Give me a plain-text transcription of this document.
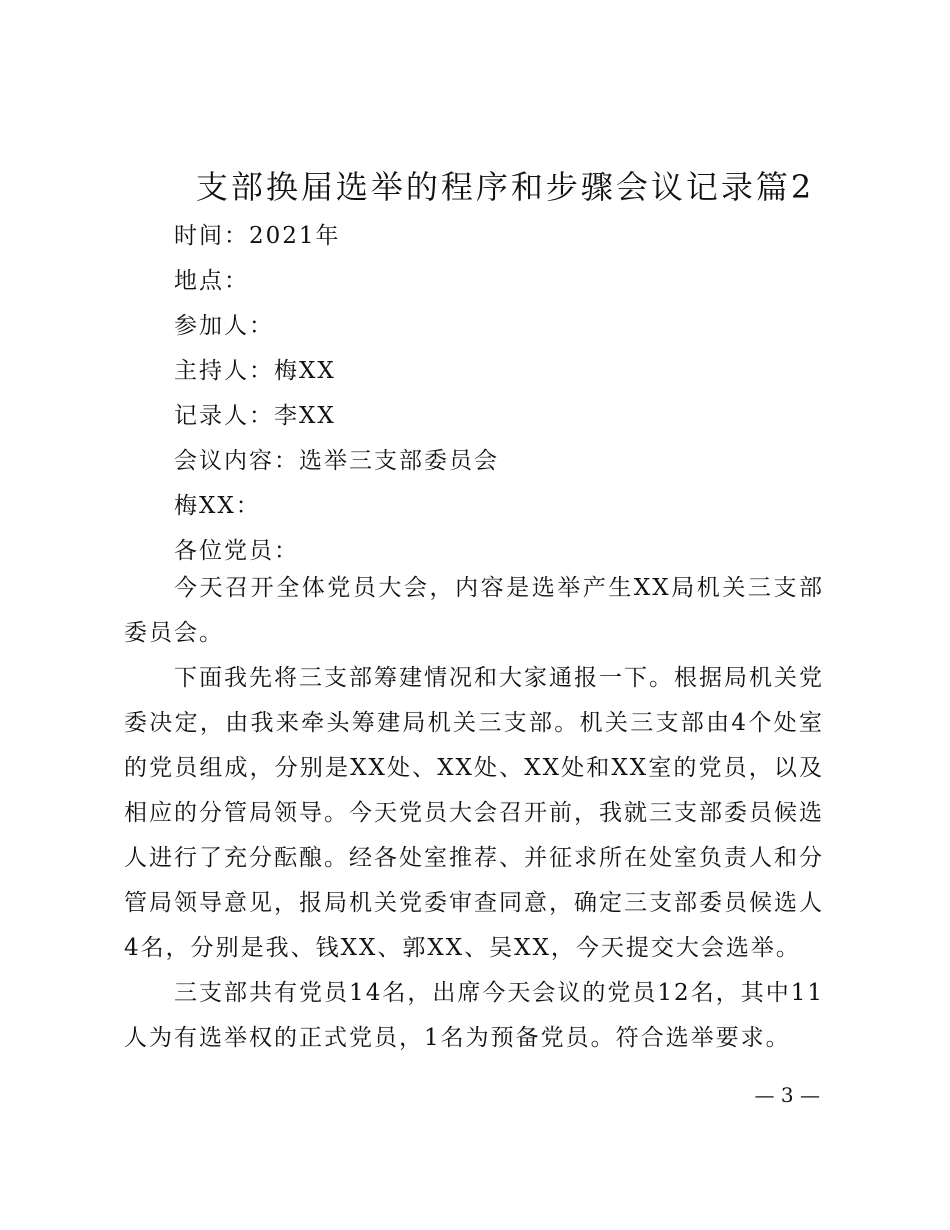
支部换届选举的程序和步骤会议记录篇2
时间：2021年
地点：
参加人：
主持人：梅XX
记录人：李XX
会议内容：选举三支部委员会
梅XX：
各位党员：

今天召开全体党员大会，内容是选举产生XX局机关三支部委员会。

下面我先将三支部筹建情况和大家通报一下。根据局机关党委决定，由我来牵头筹建局机关三支部。机关三支部由4个处室的党员组成，分别是XX处、XX处、XX处和XX室的党员，以及相应的分管局领导。今天党员大会召开前，我就三支部委员候选人进行了充分酝酿。经各处室推荐、并征求所在处室负责人和分管局领导意见，报局机关党委审查同意，确定三支部委员候选人4名，分别是我、钱XX、郭XX、吴XX，今天提交大会选举。

三支部共有党员14名，出席今天会议的党员12名，其中11人为有选举权的正式党员，1名为预备党员。符合选举要求。

— 3 —
